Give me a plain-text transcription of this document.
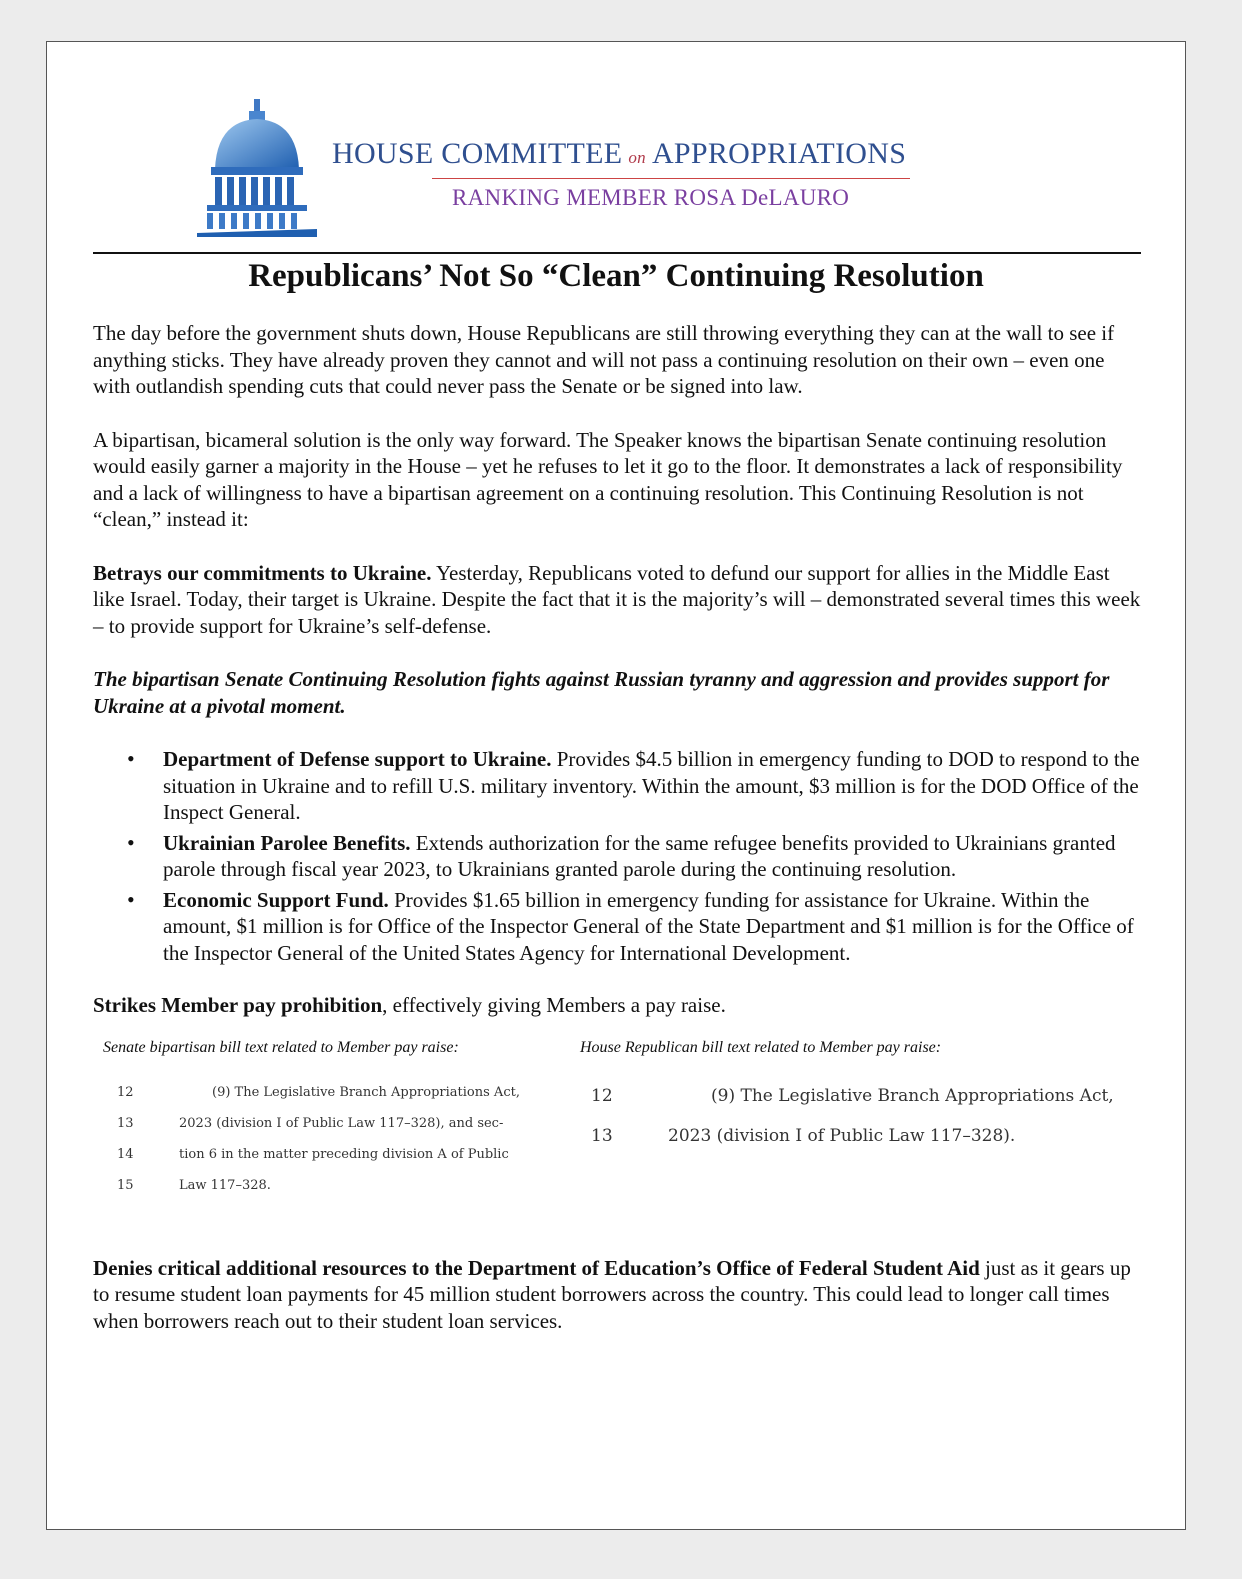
HOUSE COMMITTEE on APPROPRIATIONS
RANKING MEMBER ROSA DeLAURO
Republicans’ Not So “Clean” Continuing Resolution

The day before the government shuts down, House Republicans are still throwing everything they can at the wall to see if anything sticks. They have already proven they cannot and will not pass a continuing resolution on their own – even one with outlandish spending cuts that could never pass the Senate or be signed into law.

A bipartisan, bicameral solution is the only way forward. The Speaker knows the bipartisan Senate continuing resolution would easily garner a majority in the House – yet he refuses to let it go to the floor. It demonstrates a lack of responsibility and a lack of willingness to have a bipartisan agreement on a continuing resolution. This Continuing Resolution is not “clean,” instead it:

Betrays our commitments to Ukraine. Yesterday, Republicans voted to defund our support for allies in the Middle East like Israel. Today, their target is Ukraine. Despite the fact that it is the majority’s will – demonstrated several times this week – to provide support for Ukraine’s self-defense.

The bipartisan Senate Continuing Resolution fights against Russian tyranny and aggression and provides support for Ukraine at a pivotal moment.

• Department of Defense support to Ukraine. Provides $4.5 billion in emergency funding to DOD to respond to the situation in Ukraine and to refill U.S. military inventory. Within the amount, $3 million is for the DOD Office of the Inspect General.
• Ukrainian Parolee Benefits. Extends authorization for the same refugee benefits provided to Ukrainians granted parole through fiscal year 2023, to Ukrainians granted parole during the continuing resolution.
• Economic Support Fund. Provides $1.65 billion in emergency funding for assistance for Ukraine. Within the amount, $1 million is for Office of the Inspector General of the State Department and $1 million is for the Office of the Inspector General of the United States Agency for International Development.

Strikes Member pay prohibition, effectively giving Members a pay raise.

Senate bipartisan bill text related to Member pay raise:	House Republican bill text related to Member pay raise:
12	(9) The Legislative Branch Appropriations Act,
13	2023 (division I of Public Law 117–328), and sec-
14	tion 6 in the matter preceding division A of Public
15	Law 117–328.
12	(9) The Legislative Branch Appropriations Act,
13	2023 (division I of Public Law 117–328).

Denies critical additional resources to the Department of Education’s Office of Federal Student Aid just as it gears up to resume student loan payments for 45 million student borrowers across the country. This could lead to longer call times when borrowers reach out to their student loan services.
